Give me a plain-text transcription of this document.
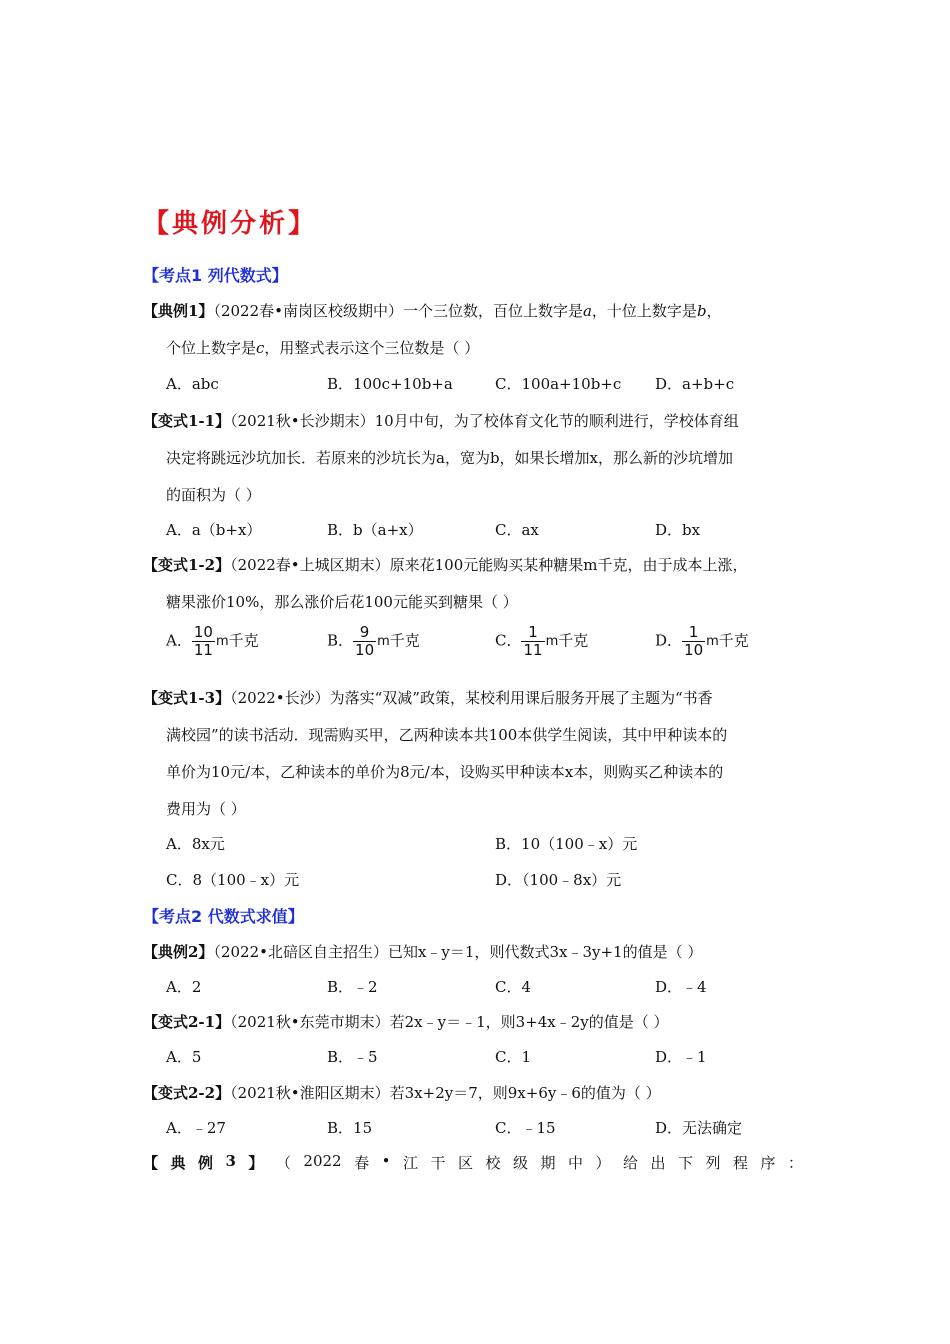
【典例分析】
【考点1 列代数式】
【典例1】（2022春•南岗区校级期中）一个三位数，百位上数字是a，十位上数字是b，
个位上数字是c，用整式表示这个三位数是（ ）
A．abc	B．100c+10b+a	C．100a+10b+c D．a+b+c
【变式1-1】（2021秋•长沙期末）10月中旬，为了校体育文化节的顺利进行，学校体育组
决定将跳远沙坑加长．若原来的沙坑长为a，宽为b，如果长增加x，那么新的沙坑增加
的面积为（ ）
A．a（b+x）	B．b（a+x）	C．ax	D．bx
【变式1-2】（2022春•上城区期末）原来花100元能购买某种糖果m千克，由于成本上涨，
糖果涨价10%，那么涨价后花100元能买到糖果（ ）
A． $\frac{10}{11}$ m千克	B． $\frac{9}{10}$ m千克	C． $\frac{1}{11}$ m千克	D． $\frac{1}{10}$ m千克
【变式1-3】（2022•长沙）为落实“双减”政策，某校利用课后服务开展了主题为“书香
满校园”的读书活动．现需购买甲，乙两种读本共100本供学生阅读，其中甲种读本的
单价为10元/本，乙种读本的单价为8元/本，设购买甲种读本x本，则购买乙种读本的
费用为（ ）
A．8x元	B．10（100﹣x）元
C．8（100﹣x）元	D．（100﹣8x）元
【考点2 代数式求值】
【典例2】（2022•北碚区自主招生）已知x﹣y＝1，则代数式3x﹣3y+1的值是（ ）
A．2	B．﹣2	C．4	D．﹣4
【变式2-1】（2021秋•东莞市期末）若2x﹣y＝﹣1，则3+4x﹣2y的值是（ ）
A．5	B．﹣5	C．1	D．﹣1
【变式2-2】（2021秋•淮阳区期末）若3x+2y＝7，则9x+6y﹣6的值为（ ）
A．﹣27	B．15	C．﹣15	D．无法确定
【 典 例 3 】 （ 2022 春 • 江 干 区 校 级 期 中 ） 给 出 下 列 程 序 ：
